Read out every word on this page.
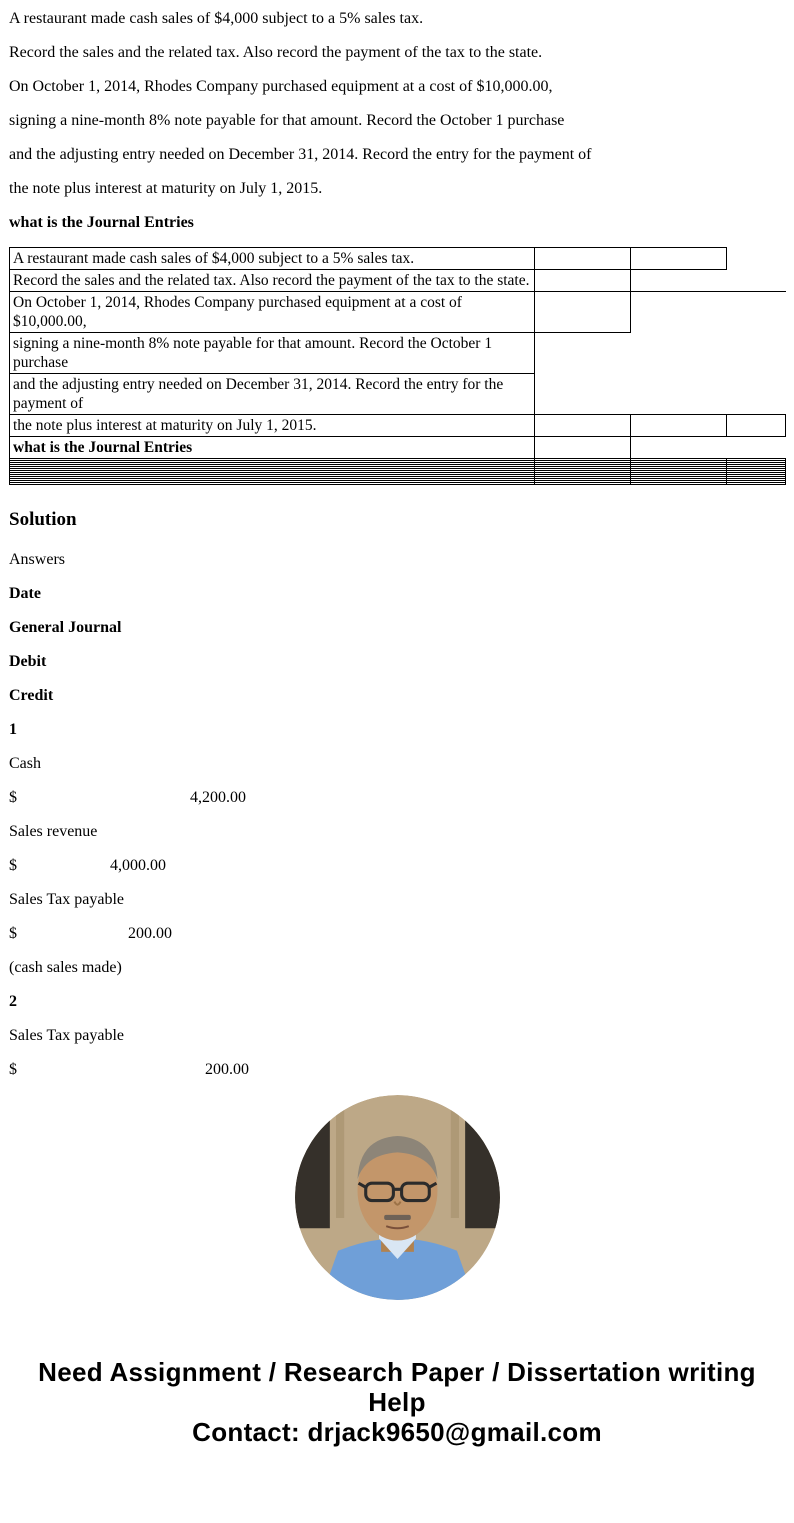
A restaurant made cash sales of $4,000 subject to a 5% sales tax.

Record the sales and the related tax. Also record the payment of the tax to the state.

On October 1, 2014, Rhodes Company purchased equipment at a cost of $10,000.00,

signing a nine-month 8% note payable for that amount. Record the October 1 purchase

and the adjusting entry needed on December 31, 2014. Record the entry for the payment of

the note plus interest at maturity on July 1, 2015.

what is the Journal Entries

A restaurant made cash sales of $4,000 subject to a 5% sales tax.			
Record the sales and the related tax. Also record the payment of the tax to the state.			
On October 1, 2014, Rhodes Company purchased equipment at a cost of $10,000.00,			
signing a nine-month 8% note payable for that amount. Record the October 1 purchase			
and the adjusting entry needed on December 31, 2014. Record the entry for the payment of			
the note plus interest at maturity on July 1, 2015.			
what is the Journal Entries			

Solution

Answers

Date

General Journal

Debit

Credit

1

Cash

$	4,200.00

Sales revenue

$	4,000.00

Sales Tax payable

$	200.00

(cash sales made)

2

Sales Tax payable

$	200.00

Need Assignment / Research Paper / Dissertation writing Help
Contact: drjack9650@gmail.com
